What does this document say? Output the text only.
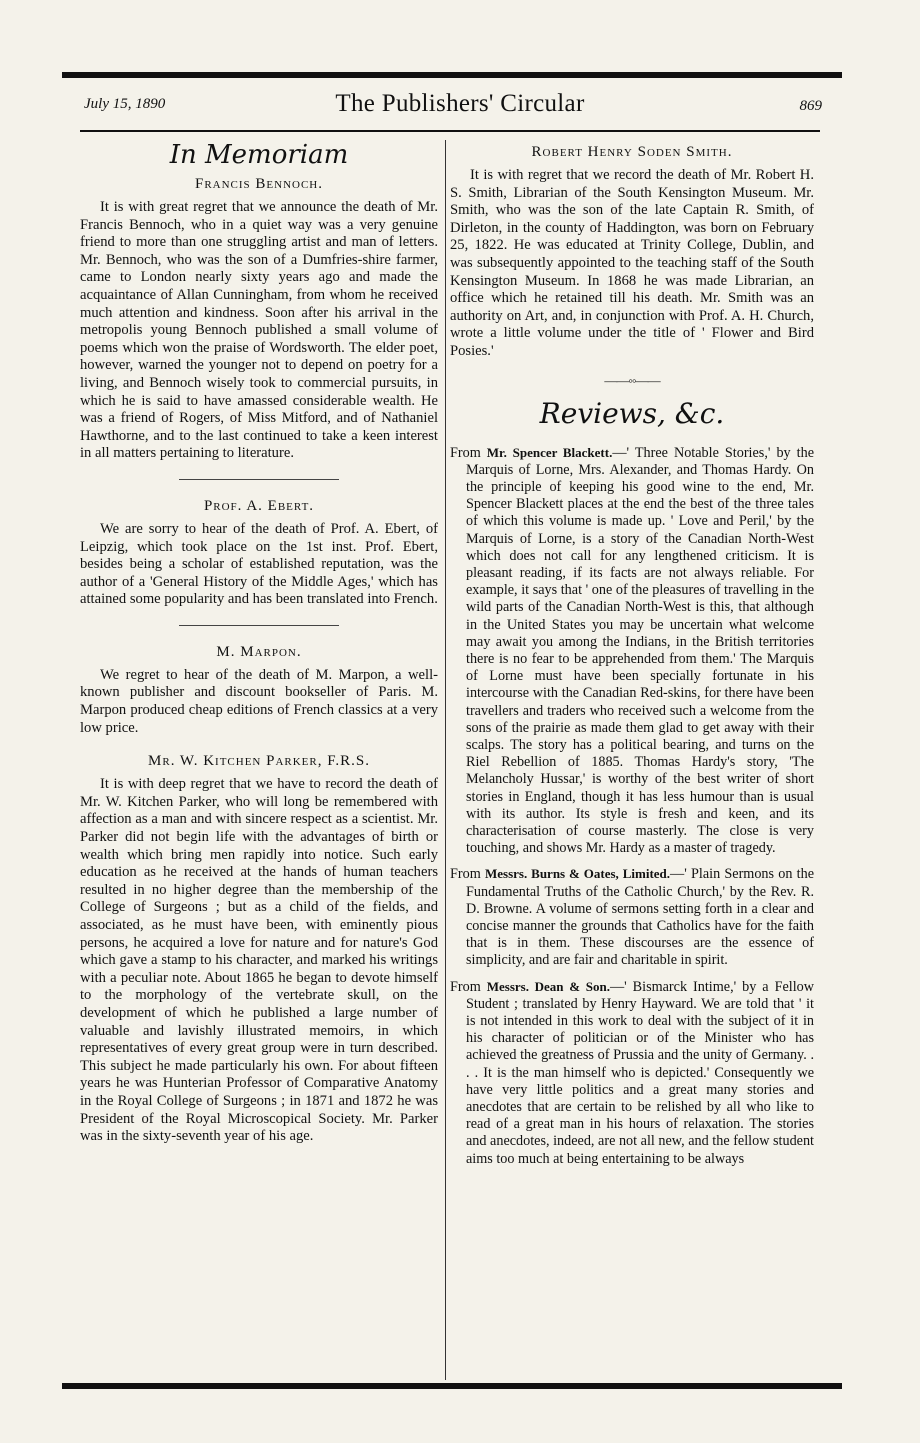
July 15, 1890	The Publishers' Circular	869
In Memoriam
Francis Bennoch.

It is with great regret that we announce the death of Mr. Francis Bennoch, who in a quiet way was a very genuine friend to more than one struggling artist and man of letters. Mr. Bennoch, who was the son of a Dumfries-shire farmer, came to London nearly sixty years ago and made the acquaintance of Allan Cunningham, from whom he received much attention and kindness. Soon after his arrival in the metropolis young Bennoch published a small volume of poems which won the praise of Wordsworth. The elder poet, however, warned the younger not to depend on poetry for a living, and Bennoch wisely took to commercial pursuits, in which he is said to have amassed considerable wealth. He was a friend of Rogers, of Miss Mitford, and of Nathaniel Hawthorne, and to the last continued to take a keen interest in all matters pertaining to literature.

Prof. A. Ebert.

We are sorry to hear of the death of Prof. A. Ebert, of Leipzig, which took place on the 1st inst. Prof. Ebert, besides being a scholar of established reputation, was the author of a 'General History of the Middle Ages,' which has attained some popularity and has been translated into French.

M. Marpon.

We regret to hear of the death of M. Marpon, a well-known publisher and discount bookseller of Paris. M. Marpon produced cheap editions of French classics at a very low price.

Mr. W. Kitchen Parker, F.R.S.

It is with deep regret that we have to record the death of Mr. W. Kitchen Parker, who will long be remembered with affection as a man and with sincere respect as a scientist. Mr. Parker did not begin life with the advantages of birth or wealth which bring men rapidly into notice. Such early education as he received at the hands of human teachers resulted in no higher degree than the membership of the College of Surgeons ; but as a child of the fields, and associated, as he must have been, with eminently pious persons, he acquired a love for nature and for nature's God which gave a stamp to his character, and marked his writings with a peculiar note. About 1865 he began to devote himself to the morphology of the vertebrate skull, on the development of which he published a large number of valuable and lavishly illustrated memoirs, in which representatives of every great group were in turn described. This subject he made particularly his own. For about fifteen years he was Hunterian Professor of Comparative Anatomy in the Royal College of Surgeons ; in 1871 and 1872 he was President of the Royal Microscopical Society. Mr. Parker was in the sixty-seventh year of his age.

Robert Henry Soden Smith.

It is with regret that we record the death of Mr. Robert H. S. Smith, Librarian of the South Kensington Museum. Mr. Smith, who was the son of the late Captain R. Smith, of Dirleton, in the county of Haddington, was born on February 25, 1822. He was educated at Trinity College, Dublin, and was subsequently appointed to the teaching staff of the South Kensington Museum. In 1868 he was made Librarian, an office which he retained till his death. Mr. Smith was an authority on Art, and, in conjunction with Prof. A. H. Church, wrote a little volume under the title of ' Flower and Bird Posies.'

——◦◦——
Reviews, &c.

From Mr. Spencer Blackett.—' Three Notable Stories,' by the Marquis of Lorne, Mrs. Alexander, and Thomas Hardy. On the principle of keeping his good wine to the end, Mr. Spencer Blackett places at the end the best of the three tales of which this volume is made up. ' Love and Peril,' by the Marquis of Lorne, is a story of the Canadian North-West which does not call for any lengthened criticism. It is pleasant reading, if its facts are not always reliable. For example, it says that ' one of the pleasures of travelling in the wild parts of the Canadian North-West is this, that although in the United States you may be uncertain what welcome may await you among the Indians, in the British territories there is no fear to be apprehended from them.' The Marquis of Lorne must have been specially fortunate in his intercourse with the Canadian Red-skins, for there have been travellers and traders who received such a welcome from the sons of the prairie as made them glad to get away with their scalps. The story has a political bearing, and turns on the Riel Rebellion of 1885. Thomas Hardy's story, 'The Melancholy Hussar,' is worthy of the best writer of short stories in England, though it has less humour than is usual with its author. Its style is fresh and keen, and its characterisation of course masterly. The close is very touching, and shows Mr. Hardy as a master of tragedy.

From Messrs. Burns & Oates, Limited.—' Plain Sermons on the Fundamental Truths of the Catholic Church,' by the Rev. R. D. Browne. A volume of sermons setting forth in a clear and concise manner the grounds that Catholics have for the faith that is in them. These discourses are the essence of simplicity, and are fair and charitable in spirit.

From Messrs. Dean & Son.—' Bismarck Intime,' by a Fellow Student ; translated by Henry Hayward. We are told that ' it is not intended in this work to deal with the subject of it in his character of politician or of the Minister who has achieved the greatness of Prussia and the unity of Germany. . . . It is the man himself who is depicted.' Consequently we have very little politics and a great many stories and anecdotes that are certain to be relished by all who like to read of a great man in his hours of relaxation. The stories and anecdotes, indeed, are not all new, and the fellow student aims too much at being entertaining to be always
